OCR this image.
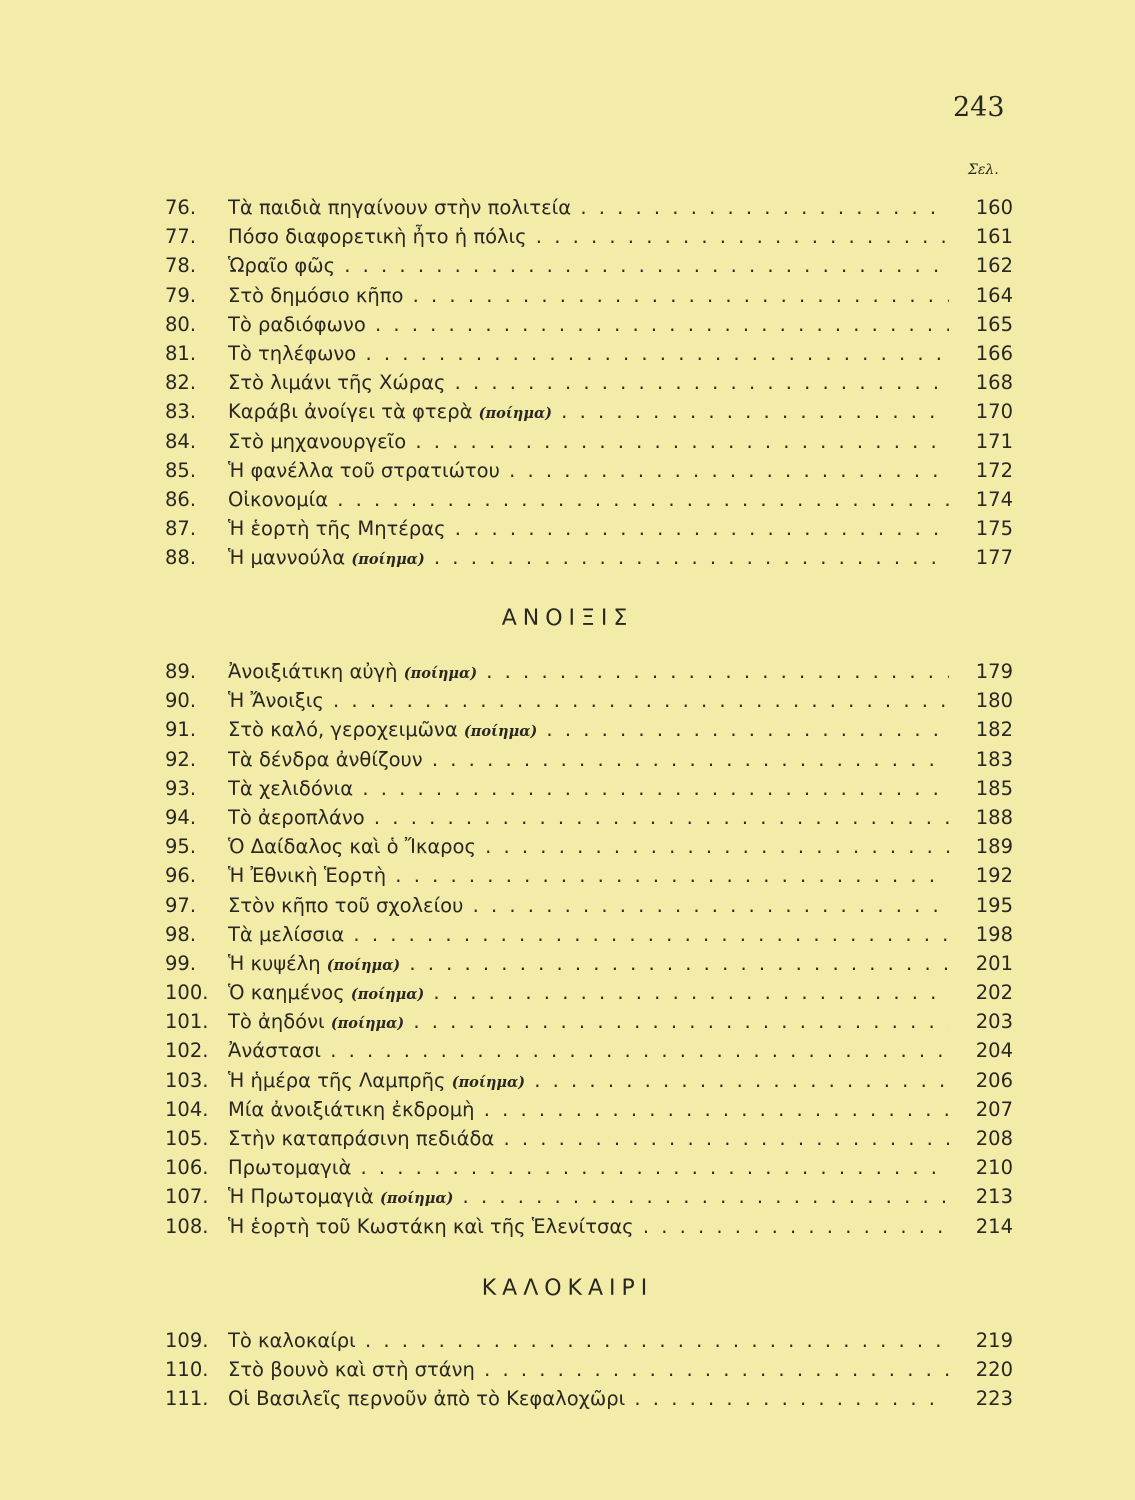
243
Σελ.
76. Τὰ παιδιὰ πηγαίνουν στὴν πολιτεία . . .	160
77. Πόσο διαφορετικὴ ἦτο ἡ πόλις . . .	161
78. Ὡραῖο φῶς . . .	162
79. Στὸ δημόσιο κῆπο . . .	164
80. Τὸ ραδιόφωνο . . .	165
81. Τὸ τηλέφωνο . . .	166
82. Στὸ λιμάνι τῆς Χώρας . . .	168
83. Καράβι ἀνοίγει τὰ φτερὰ (ποίημα) . . .	170
84. Στὸ μηχανουργεῖο . . .	171
85. Ἡ φανέλλα τοῦ στρατιώτου . . .	172
86. Οἰκονομία . . .	174
87. Ἡ ἑορτὴ τῆς Μητέρας . . .	175
88. Ἡ μαννούλα (ποίημα) . . .	177
ΑΝΟΙΞΙΣ
89. Ἀνοιξιάτικη αὐγὴ (ποίημα) . . .	179
90. Ἡ Ἄνοιξις . . .	180
91. Στὸ καλό, γεροχειμῶνα (ποίημα) . . .	182
92. Τὰ δένδρα ἀνθίζουν . . .	183
93. Τὰ χελιδόνια . . .	185
94. Τὸ ἀεροπλάνο . . .	188
95. Ὁ Δαίδαλος καὶ ὁ Ἴκαρος . . .	189
96. Ἡ Ἐθνικὴ Ἑορτὴ . . .	192
97. Στὸν κῆπο τοῦ σχολείου . . .	195
98. Τὰ μελίσσια . . .	198
99. Ἡ κυψέλη (ποίημα) . . .	201
100. Ὁ καημένος (ποίημα) . . .	202
101. Τὸ ἀηδόνι (ποίημα) . . .	203
102. Ἀνάστασι . . .	204
103. Ἡ ἡμέρα τῆς Λαμπρῆς (ποίημα) . . .	206
104. Μία ἀνοιξιάτικη ἐκδρομὴ . . .	207
105. Στὴν καταπράσινη πεδιάδα . . .	208
106. Πρωτομαγιὰ . . .	210
107. Ἡ Πρωτομαγιὰ (ποίημα) . . .	213
108. Ἡ ἑορτὴ τοῦ Κωστάκη καὶ τῆς Ἑλενίτσας . . .	214
ΚΑΛΟΚΑΙΡΙ
109. Τὸ καλοκαίρι . . .	219
110. Στὸ βουνὸ καὶ στὴ στάνη . . .	220
111. Οἱ Βασιλεῖς περνοῦν ἀπὸ τὸ Κεφαλοχῶρι . . .	223
